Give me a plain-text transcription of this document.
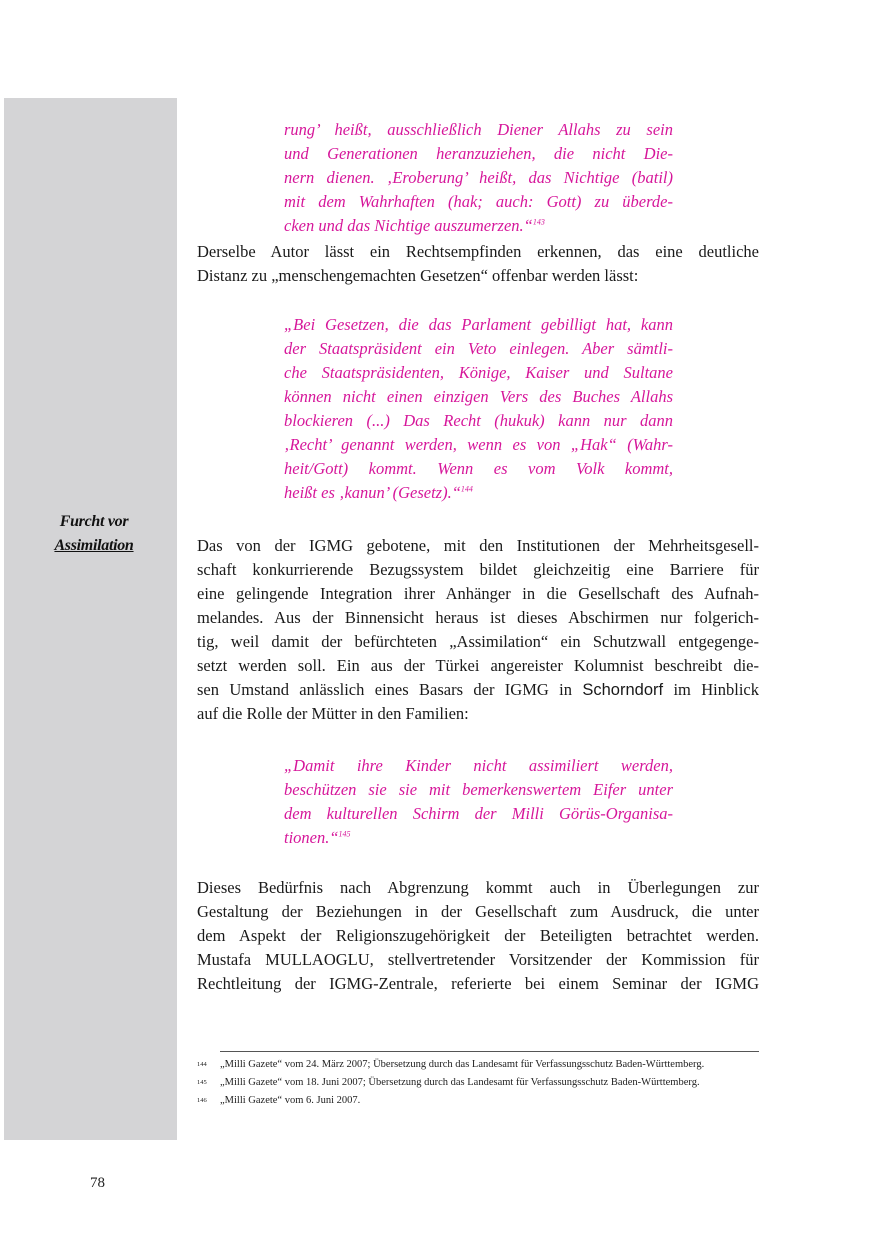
Furcht vor
Assimilation
rung’ heißt, ausschließlich Diener Allahs zu sein
und Generationen heranzuziehen, die nicht Die-
nern dienen. ‚Eroberung’ heißt, das Nichtige (batil)
mit dem Wahrhaften (hak; auch: Gott) zu überde-
cken und das Nichtige auszumerzen.“$^{143}$
Derselbe Autor lässt ein Rechtsempfinden erkennen, das eine deutliche
Distanz zu „menschengemachten Gesetzen“ offenbar werden lässt:
„Bei Gesetzen, die das Parlament gebilligt hat, kann
der Staatspräsident ein Veto einlegen. Aber sämtli-
che Staatspräsidenten, Könige, Kaiser und Sultane
können nicht einen einzigen Vers des Buches Allahs
blockieren (...) Das Recht (hukuk) kann nur dann
‚Recht’ genannt werden, wenn es von „Hak“ (Wahr-
heit/Gott) kommt. Wenn es vom Volk kommt,
heißt es ‚kanun’ (Gesetz).“$^{144}$
Das von der IGMG gebotene, mit den Institutionen der Mehrheitsgesell-
schaft konkurrierende Bezugssystem bildet gleichzeitig eine Barriere für
eine gelingende Integration ihrer Anhänger in die Gesellschaft des Aufnah-
melandes. Aus der Binnensicht heraus ist dieses Abschirmen nur folgerich-
tig, weil damit der befürchteten „Assimilation“ ein Schutzwall entgegenge-
setzt werden soll. Ein aus der Türkei angereister Kolumnist beschreibt die-
sen Umstand anlässlich eines Basars der IGMG in Schorndorf im Hinblick
auf die Rolle der Mütter in den Familien:
„Damit ihre Kinder nicht assimiliert werden,
beschützen sie sie mit bemerkenswertem Eifer unter
dem kulturellen Schirm der Milli Görüs-Organisa-
tionen.“$^{145}$
Dieses Bedürfnis nach Abgrenzung kommt auch in Überlegungen zur
Gestaltung der Beziehungen in der Gesellschaft zum Ausdruck, die unter
dem Aspekt der Religionszugehörigkeit der Beteiligten betrachtet werden.
Mustafa MULLAOGLU, stellvertretender Vorsitzender der Kommission für
Rechtleitung der IGMG-Zentrale, referierte bei einem Seminar der IGMG
144 „Milli Gazete“ vom 24. März 2007; Übersetzung durch das Landesamt für Verfassungsschutz Baden-Württemberg.
145 „Milli Gazete“ vom 18. Juni 2007; Übersetzung durch das Landesamt für Verfassungsschutz Baden-Württemberg.
146 „Milli Gazete“ vom 6. Juni 2007.
78
